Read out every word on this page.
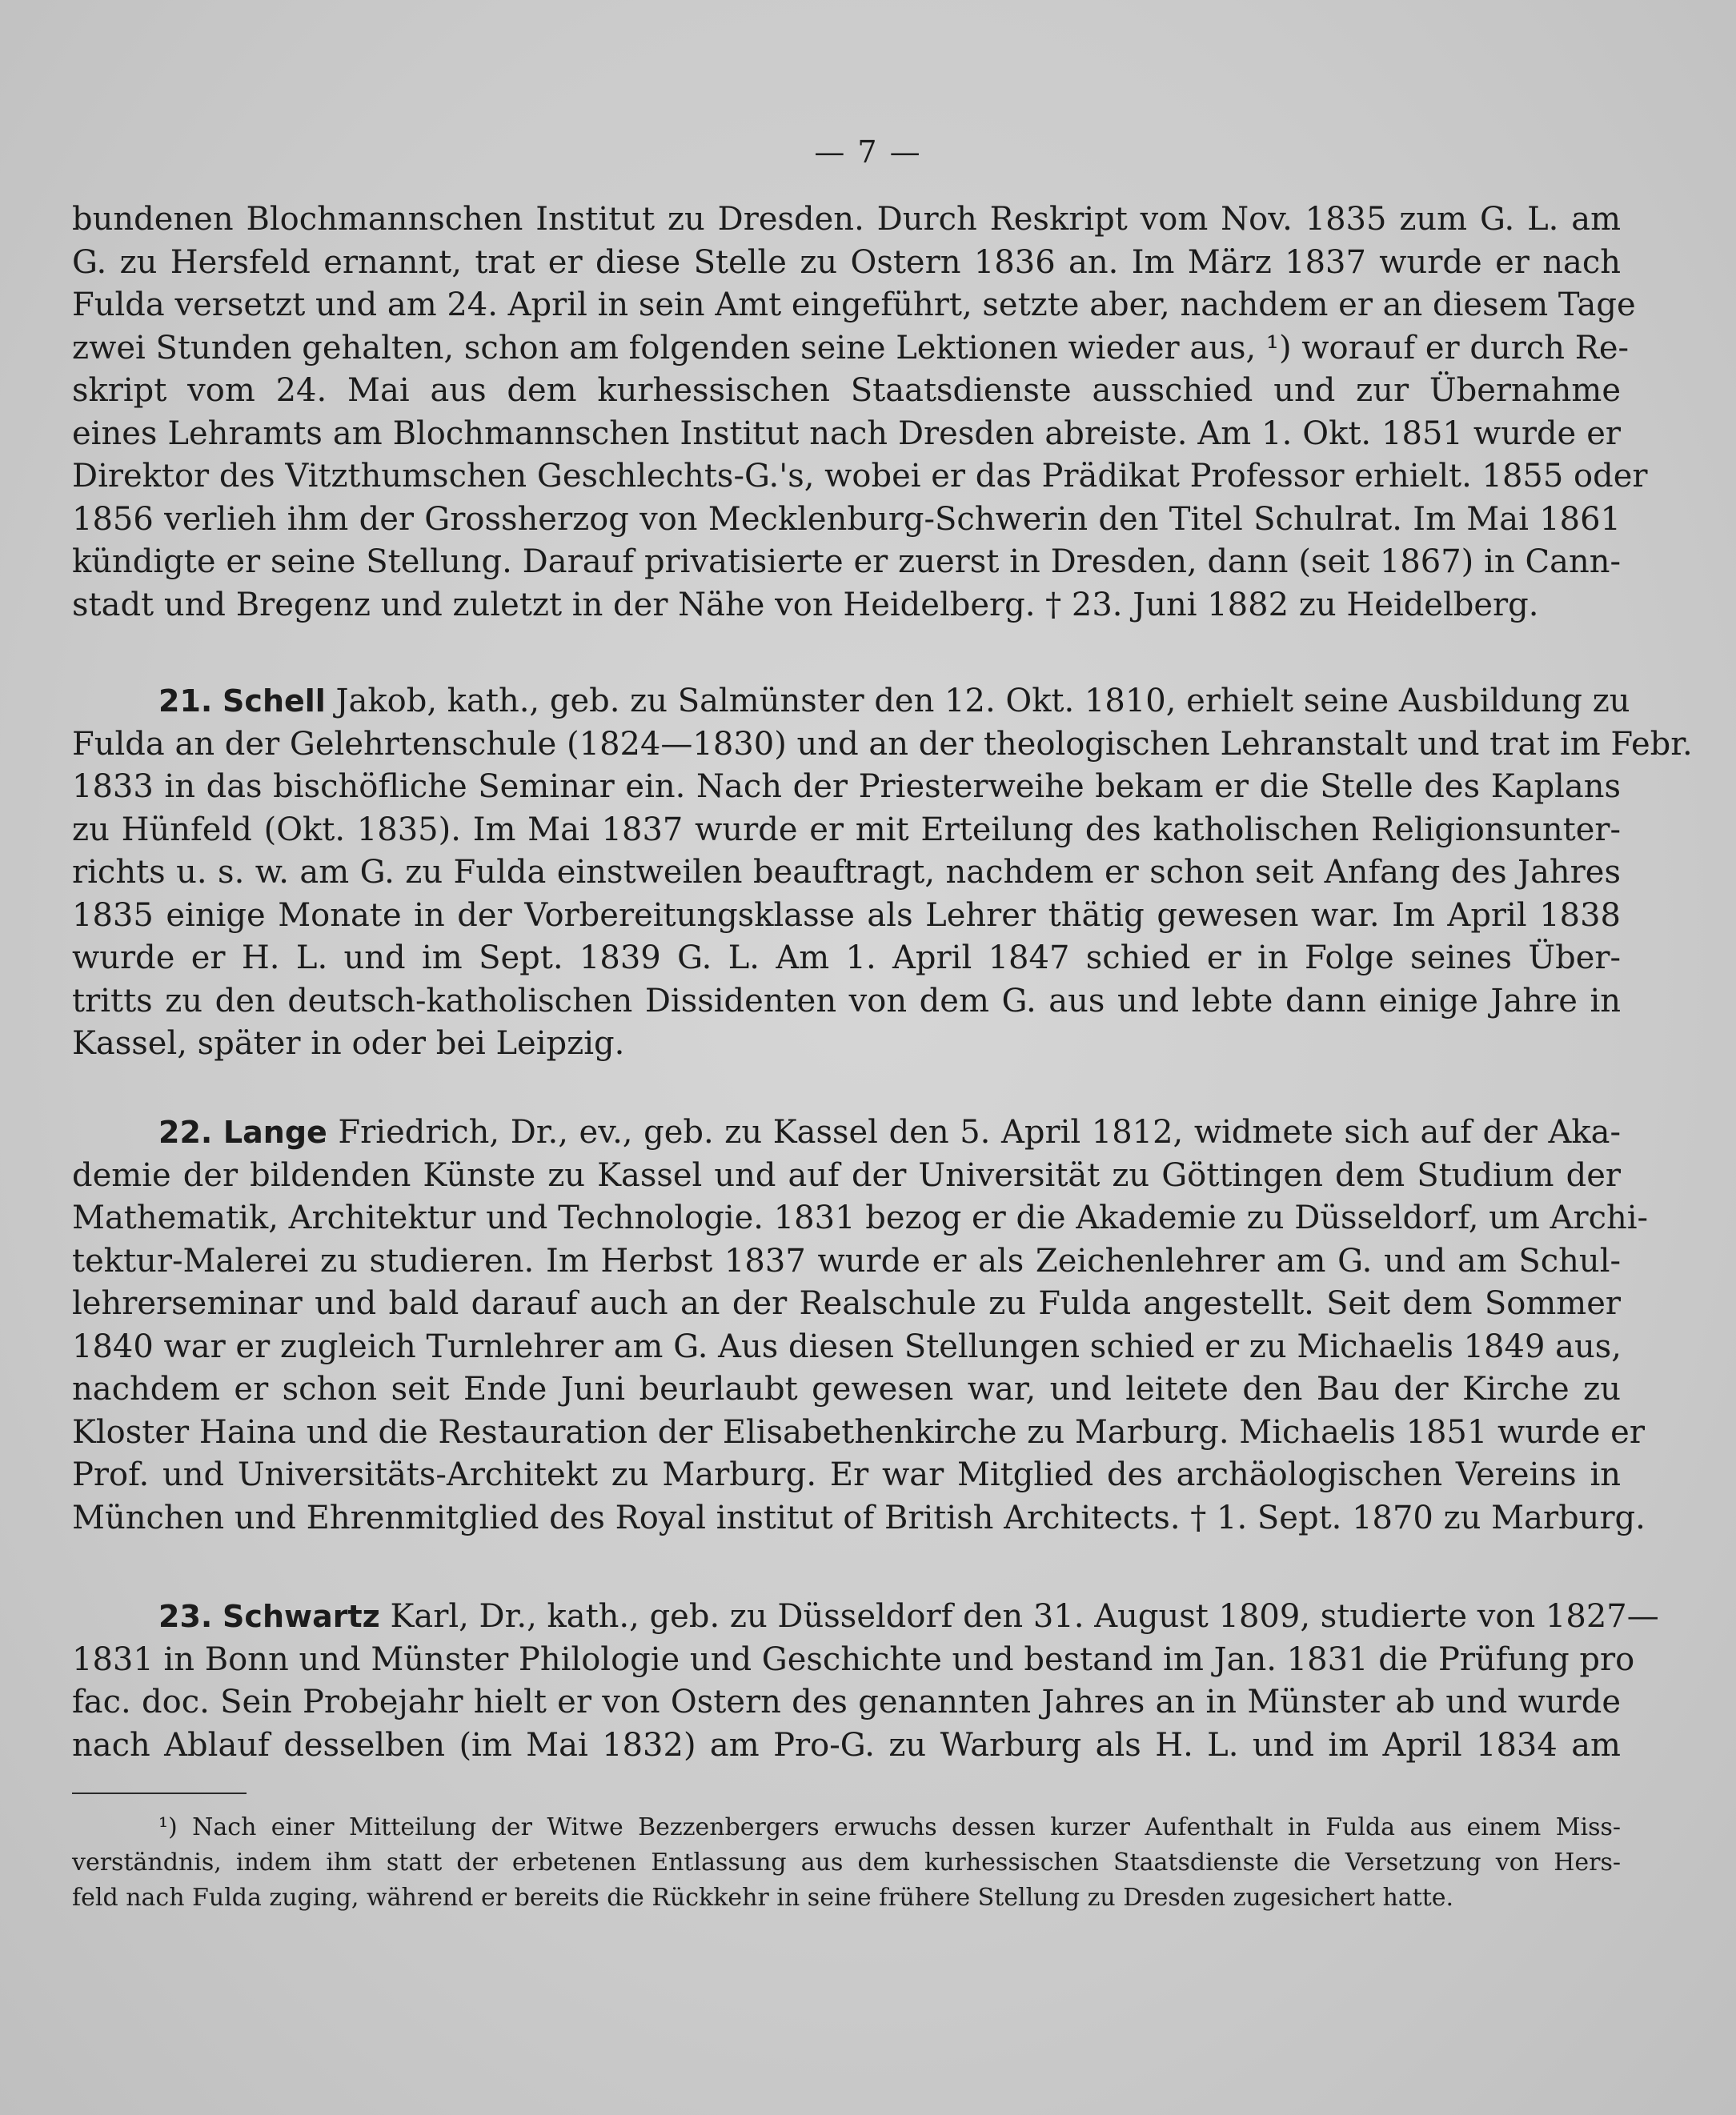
— 7 —
bundenen Blochmannschen Institut zu Dresden. Durch Reskript vom Nov. 1835 zum G. L. am
G. zu Hersfeld ernannt, trat er diese Stelle zu Ostern 1836 an. Im März 1837 wurde er nach
Fulda versetzt und am 24. April in sein Amt eingeführt, setzte aber, nachdem er an diesem Tage
zwei Stunden gehalten, schon am folgenden seine Lektionen wieder aus, ¹) worauf er durch Re-
skript vom 24. Mai aus dem kurhessischen Staatsdienste ausschied und zur Übernahme
eines Lehramts am Blochmannschen Institut nach Dresden abreiste. Am 1. Okt. 1851 wurde er
Direktor des Vitzthumschen Geschlechts-G.'s, wobei er das Prädikat Professor erhielt. 1855 oder
1856 verlieh ihm der Grossherzog von Mecklenburg-Schwerin den Titel Schulrat. Im Mai 1861
kündigte er seine Stellung. Darauf privatisierte er zuerst in Dresden, dann (seit 1867) in Cann-
stadt und Bregenz und zuletzt in der Nähe von Heidelberg. † 23. Juni 1882 zu Heidelberg.
21. Schell Jakob, kath., geb. zu Salmünster den 12. Okt. 1810, erhielt seine Ausbildung zu
Fulda an der Gelehrtenschule (1824—1830) und an der theologischen Lehranstalt und trat im Febr.
1833 in das bischöfliche Seminar ein. Nach der Priesterweihe bekam er die Stelle des Kaplans
zu Hünfeld (Okt. 1835). Im Mai 1837 wurde er mit Erteilung des katholischen Religionsunter-
richts u. s. w. am G. zu Fulda einstweilen beauftragt, nachdem er schon seit Anfang des Jahres
1835 einige Monate in der Vorbereitungsklasse als Lehrer thätig gewesen war. Im April 1838
wurde er H. L. und im Sept. 1839 G. L. Am 1. April 1847 schied er in Folge seines Über-
tritts zu den deutsch-katholischen Dissidenten von dem G. aus und lebte dann einige Jahre in
Kassel, später in oder bei Leipzig.
22. Lange Friedrich, Dr., ev., geb. zu Kassel den 5. April 1812, widmete sich auf der Aka-
demie der bildenden Künste zu Kassel und auf der Universität zu Göttingen dem Studium der
Mathematik, Architektur und Technologie. 1831 bezog er die Akademie zu Düsseldorf, um Archi-
tektur-Malerei zu studieren. Im Herbst 1837 wurde er als Zeichenlehrer am G. und am Schul-
lehrerseminar und bald darauf auch an der Realschule zu Fulda angestellt. Seit dem Sommer
1840 war er zugleich Turnlehrer am G. Aus diesen Stellungen schied er zu Michaelis 1849 aus,
nachdem er schon seit Ende Juni beurlaubt gewesen war, und leitete den Bau der Kirche zu
Kloster Haina und die Restauration der Elisabethenkirche zu Marburg. Michaelis 1851 wurde er
Prof. und Universitäts-Architekt zu Marburg. Er war Mitglied des archäologischen Vereins in
München und Ehrenmitglied des Royal institut of British Architects. † 1. Sept. 1870 zu Marburg.
23. Schwartz Karl, Dr., kath., geb. zu Düsseldorf den 31. August 1809, studierte von 1827—
1831 in Bonn und Münster Philologie und Geschichte und bestand im Jan. 1831 die Prüfung pro
fac. doc. Sein Probejahr hielt er von Ostern des genannten Jahres an in Münster ab und wurde
nach Ablauf desselben (im Mai 1832) am Pro-G. zu Warburg als H. L. und im April 1834 am
¹) Nach einer Mitteilung der Witwe Bezzenbergers erwuchs dessen kurzer Aufenthalt in Fulda aus einem Miss-
verständnis, indem ihm statt der erbetenen Entlassung aus dem kurhessischen Staatsdienste die Versetzung von Hers-
feld nach Fulda zuging, während er bereits die Rückkehr in seine frühere Stellung zu Dresden zugesichert hatte.
